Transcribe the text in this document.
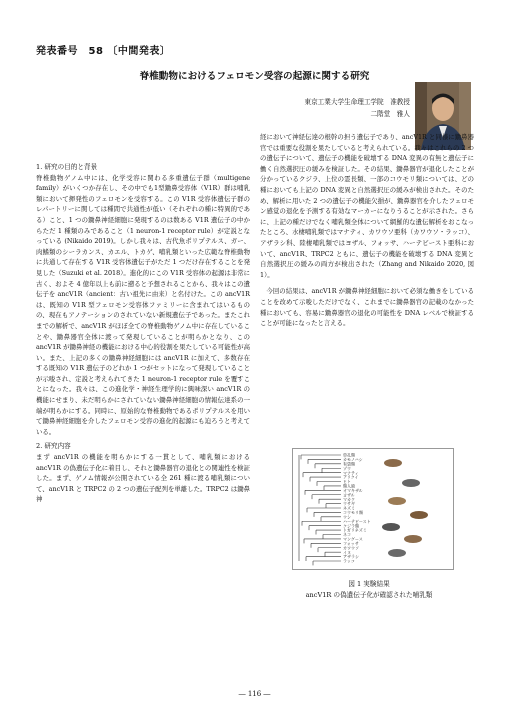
発表番号　58 〔中間発表〕
脊椎動物におけるフェロモン受容の起源に関する研究
東京工業大学生命理工学院　准教授
二階堂　雅人
1. 研究の目的と背景

脊椎動物ゲノム中には、化学受容に関わる多重遺伝子群（multigene family）がいくつか存在し、その中でも1型鋤鼻受容体（V1R）群は哺乳類において揮発性のフェロモンを受容する。この V1R 受容体遺伝子群のレパートリーに関しては種間で共通性が低い（それぞれの種に特異的である）こと、1 つの鋤鼻神経細胞に発現するのは数ある V1R 遺伝子の中からただ 1 種類のみであること（1 neuron-1 receptor rule）が定説となっている (Nikaido 2019)。しかし我々は、古代魚ポリプテルス、ガー、肉鰭類のシーラカンス、カエル、トカゲ、哺乳類といった広範な脊椎動物に共通して存在する V1R 受容体遺伝子がただ 1 つだけ存在することを発見した（Suzuki et al. 2018）。進化的にこの V1R 受容体の起源は非常に古く、およそ 4 億年以上も前に遡ると予想されることから、我々はこの遺伝子を ancV1R（ancient：古い祖先に由来）と名付けた。この ancV1R は、既知の V1R 型フェロモン受容体ファミリーに含まれてはいるものの、現在もアノテーションのされていない新規遺伝子であった。またこれまでの解析で、ancV1R がほぼ全ての脊椎動物ゲノム中に存在していることや、鋤鼻器官全体に渡って発現していることが明らかとなり、この ancV1R が鋤鼻神経の機能における中心的役割を果たしている可能性が高い。また、上記の多くの鋤鼻神経細胞には ancV1R に加えて、多数存在する既知の V1R 遺伝子のどれか 1 つがセットになって発現していることが示唆され、定説と考えられてきた 1 neuron-1 receptor rule を覆すことになった。我々は、この進化学・神経生理学的に興味深い ancV1R の機能にせまり、未だ明らかにされていない鋤鼻神経細胞の情報伝達系の一端が明らかにする。同時に、原始的な脊椎動物であるポリプテルスを用いて鋤鼻神経細胞を介したフェロモン受容の進化的起源にも迫ろうと考えている。

2. 研究内容

まず ancV1R の機能を明らかにする一貫として、哺乳類における ancV1R の偽遺伝子化に着目し、それと鋤鼻器官の退化との関連性を検証した。まず、ゲノム情報が公開されている全 261 種に渡る哺乳類について、ancV1R と TRPC2 の 2 つの遺伝子配列を単離した。TRPC2 は鋤鼻神

経において神経伝達の根幹の担う遺伝子であり、ancV1R と同様に鋤鼻器官では重要な役割を果たしていると考えられている。我々はこれらの 2 つの遺伝子について、遺伝子の機能を破壊する DNA 変異の有無と遺伝子に働く自然選択圧の緩みを検証した。その結果、鋤鼻器官が退化したことが分かっているクジラ、上位の霊長類、一部のコウモリ類については、どの種においても上記の DNA 変異と自然選択圧の緩みが検出された。そのため、解析に用いた 2 つの遺伝子の機能欠損が、鋤鼻器官を介したフェロモン感覚の退化を予測する有効なマーカーになりうることが示された。さらに、上記の種だけでなく哺乳類全体について網羅的な遺伝解析をおこなったところ、水棲哺乳類ではマナティ、カワウソ亜科（カワウソ・ラッコ）、アザラシ科、陸棲哺乳類ではヨザル、フォッサ、ハーテビースト亜科において、ancV1R、TRPC2 ともに、遺伝子の機能を破壊する DNA 変異と自然選択圧の緩みの両方が検出された（Zhang and Nikaido 2020, 図 1）。

今回の結果は、ancV1R が鋤鼻神経細胞において必須な働きをしていることを改めて示唆しただけでなく、これまでに鋤鼻器官の記載のなかった種においても、容易に鋤鼻器官の退化の可能性を DNA レベルで検証することが可能になったと言える。

単孔類
カモノハシ
有袋類
ゾウ
マナティ
アリクイ
ヒト
類人猿
オマキザル
ヨザル
マカク
ウサギ
ネズミ
コウモリ類
ウシ
ハーテビースト
クジラ類
トガリネズミ
ネコ
マングース
フォッサ
カワウソ
イヌ
アザラシ
ラッコ
図 1 実験結果
ancV1R の偽遺伝子化が確認された哺乳類
― 116 ―
